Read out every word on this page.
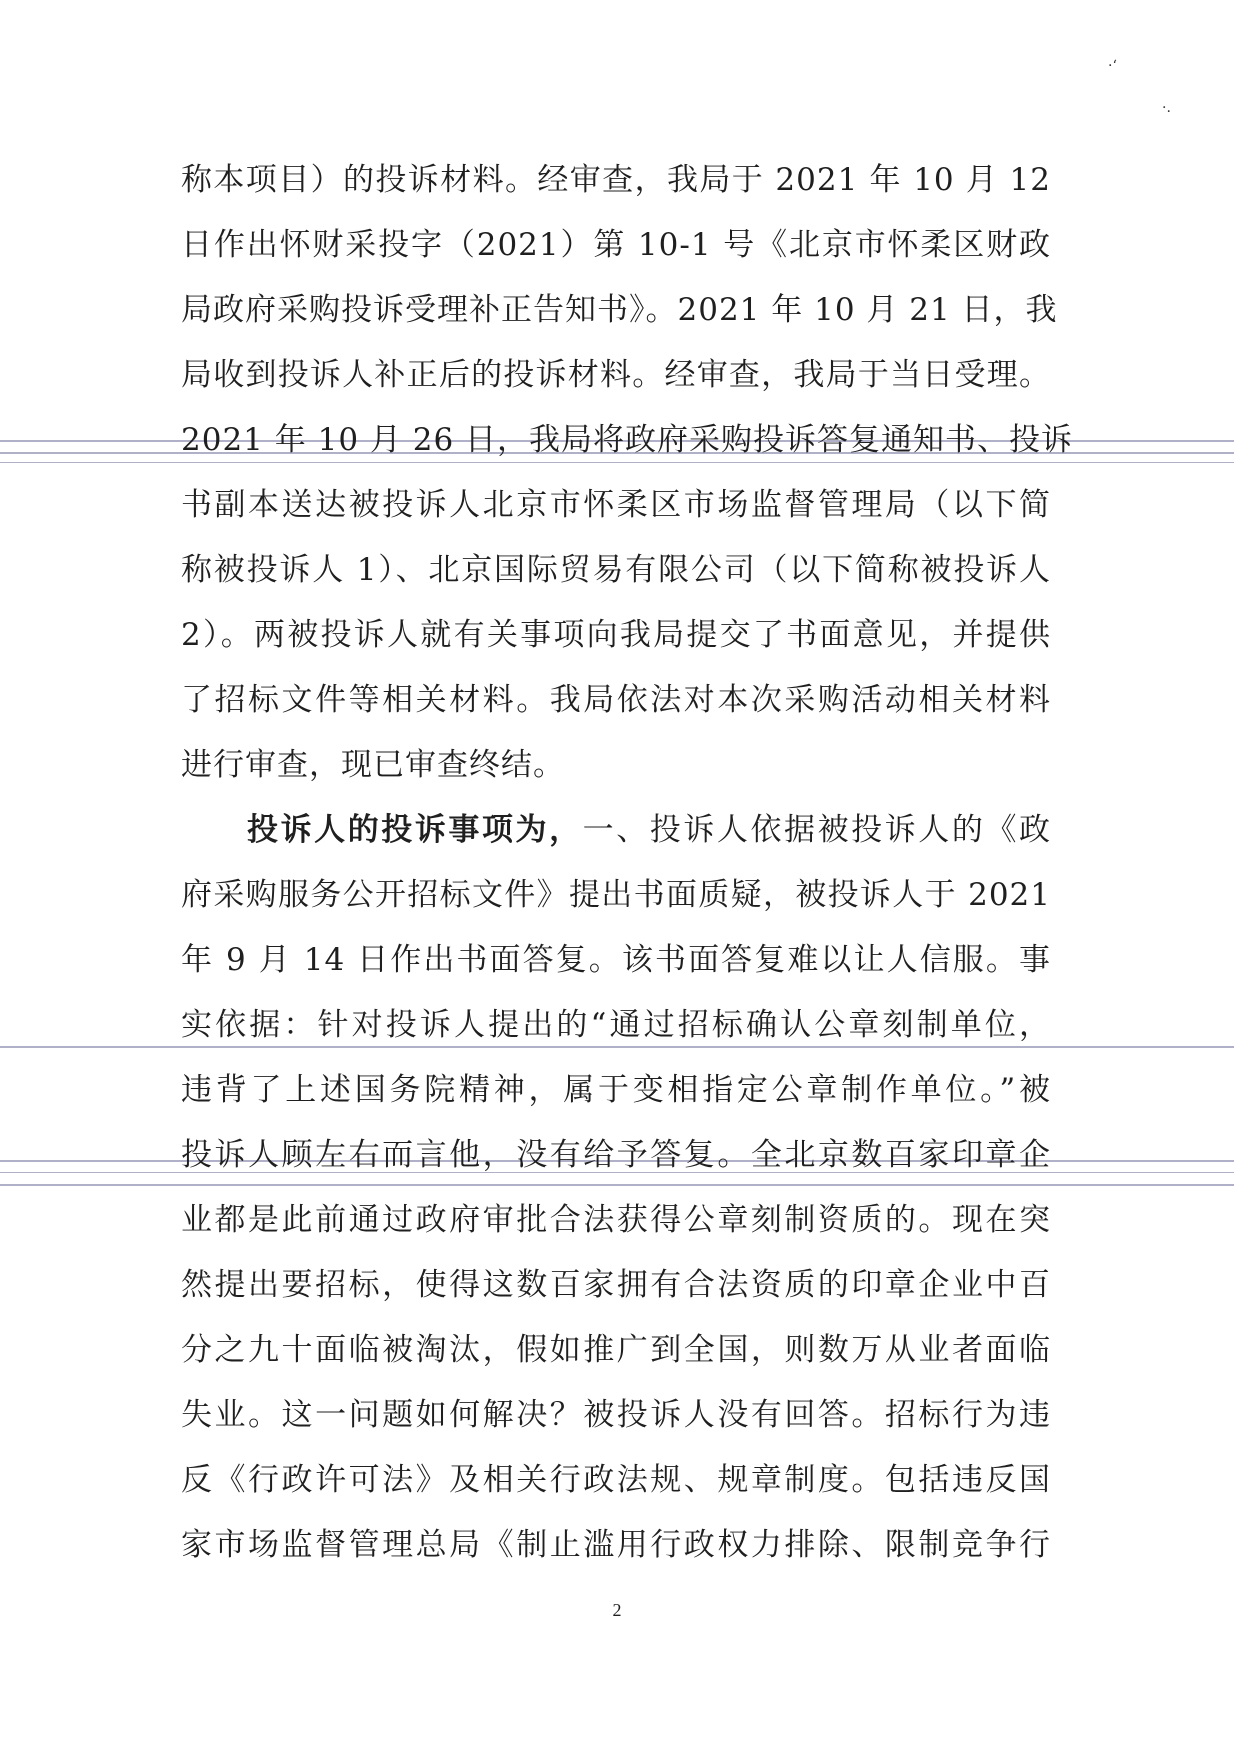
·‘
·.
称本项目）的投诉材料。经审查，我局于 2021 年 10 月 12
日作出怀财采投字（2021）第 10-1 号《北京市怀柔区财政
局政府采购投诉受理补正告知书》。2021 年 10 月 21 日，我
局收到投诉人补正后的投诉材料。经审查，我局于当日受理。
2021 年 10 月 26 日，我局将政府采购投诉答复通知书、投诉
书副本送达被投诉人北京市怀柔区市场监督管理局（以下简
称被投诉人 1）、北京国际贸易有限公司（以下简称被投诉人
2）。两被投诉人就有关事项向我局提交了书面意见，并提供
了招标文件等相关材料。我局依法对本次采购活动相关材料
进行审查，现已审查终结。
投诉人的投诉事项为，一、投诉人依据被投诉人的《政
府采购服务公开招标文件》提出书面质疑，被投诉人于 2021
年 9 月 14 日作出书面答复。该书面答复难以让人信服。事
实依据：针对投诉人提出的“通过招标确认公章刻制单位，
违背了上述国务院精神，属于变相指定公章制作单位。”被
投诉人顾左右而言他，没有给予答复。全北京数百家印章企
业都是此前通过政府审批合法获得公章刻制资质的。现在突
然提出要招标，使得这数百家拥有合法资质的印章企业中百
分之九十面临被淘汰，假如推广到全国，则数万从业者面临
失业。这一问题如何解决？被投诉人没有回答。招标行为违
反《行政许可法》及相关行政法规、规章制度。包括违反国
家市场监督管理总局《制止滥用行政权力排除、限制竞争行
2
